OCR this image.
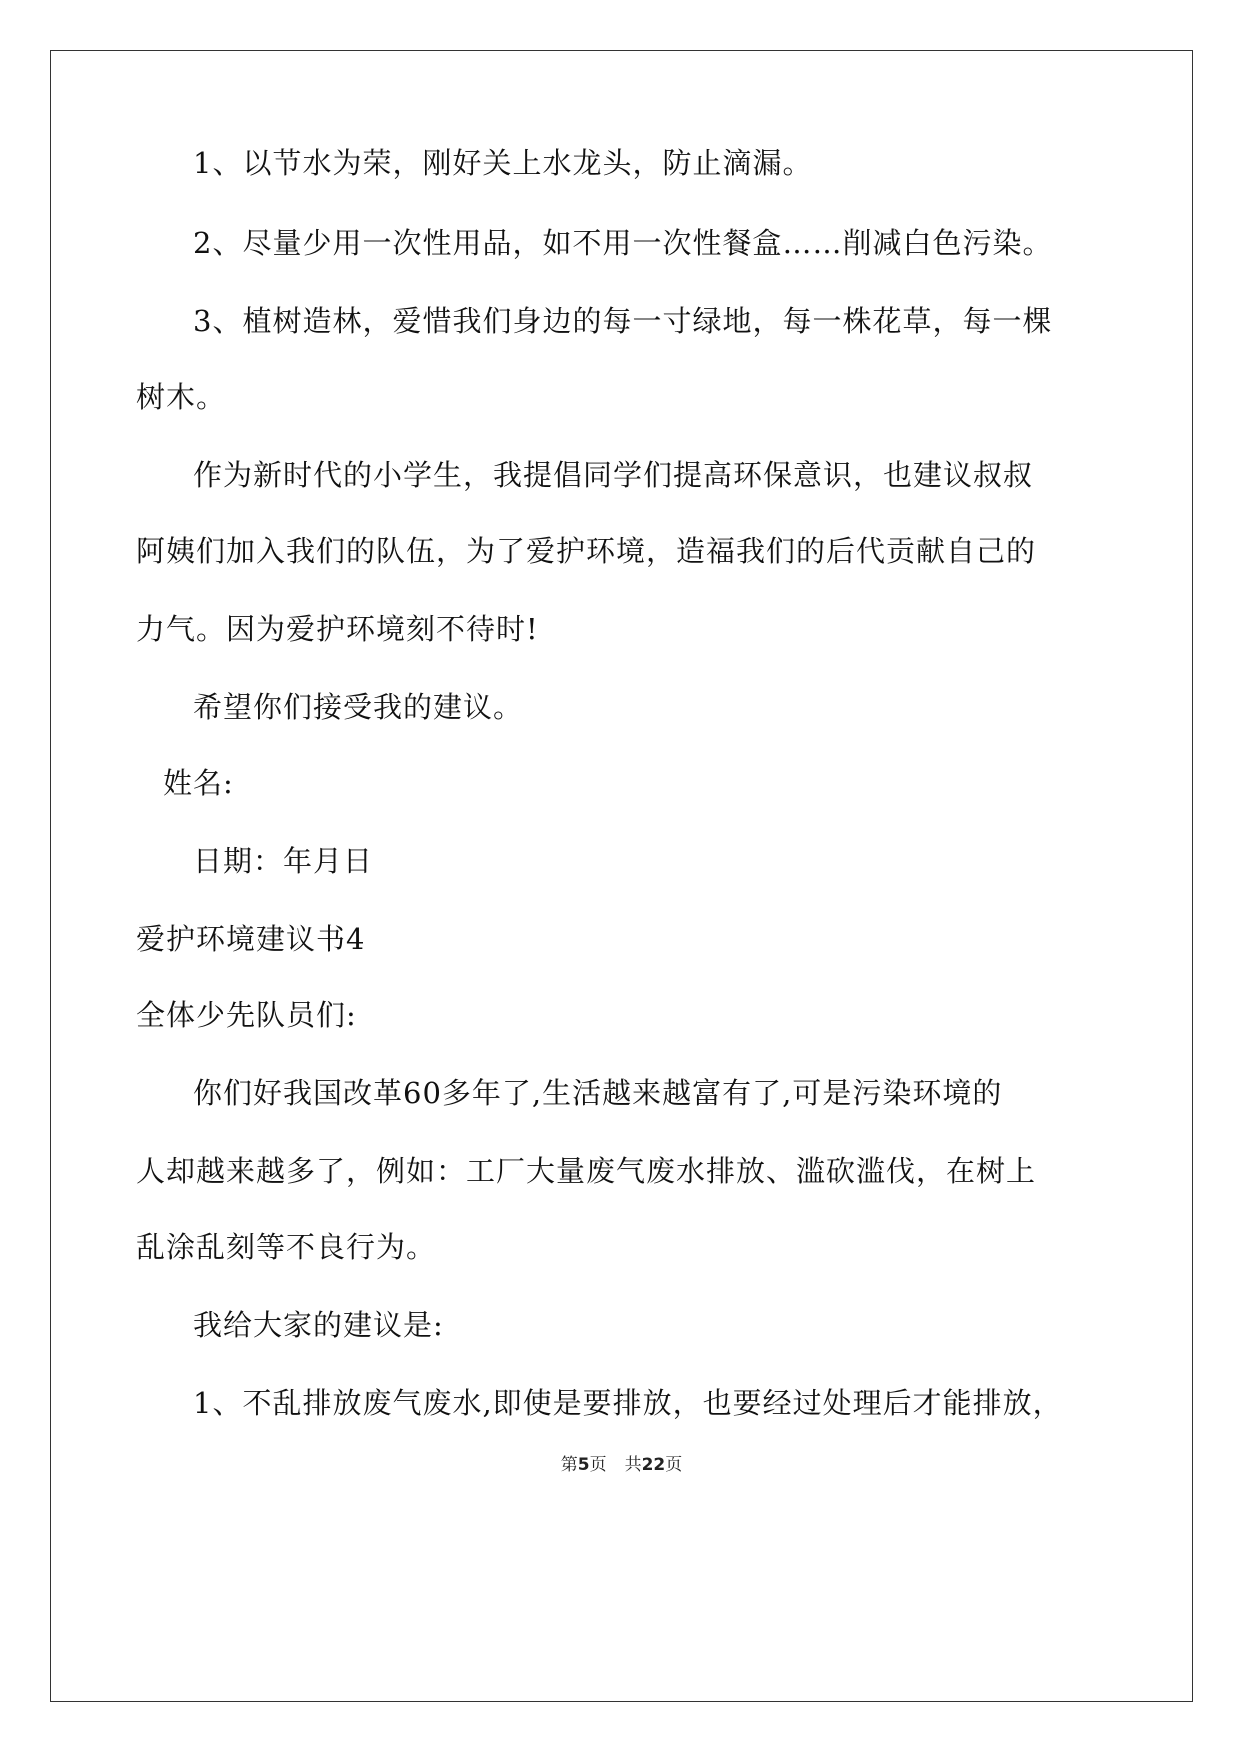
1、以节水为荣，刚好关上水龙头，防止滴漏。
2、尽量少用一次性用品，如不用一次性餐盒……削减白色污染。
3、植树造林，爱惜我们身边的每一寸绿地，每一株花草，每一棵
树木。
作为新时代的小学生，我提倡同学们提高环保意识，也建议叔叔
阿姨们加入我们的队伍，为了爱护环境，造福我们的后代贡献自己的
力气。因为爱护环境刻不待时!
希望你们接受我的建议。
姓名:
日期：年月日
爱护环境建议书4
全体少先队员们:
你们好我国改革60多年了,生活越来越富有了,可是污染环境的
人却越来越多了，例如：工厂大量废气废水排放、滥砍滥伐，在树上
乱涂乱刻等不良行为。
我给大家的建议是:
1、不乱排放废气废水,即使是要排放，也要经过处理后才能排放，
第5页 共22页
